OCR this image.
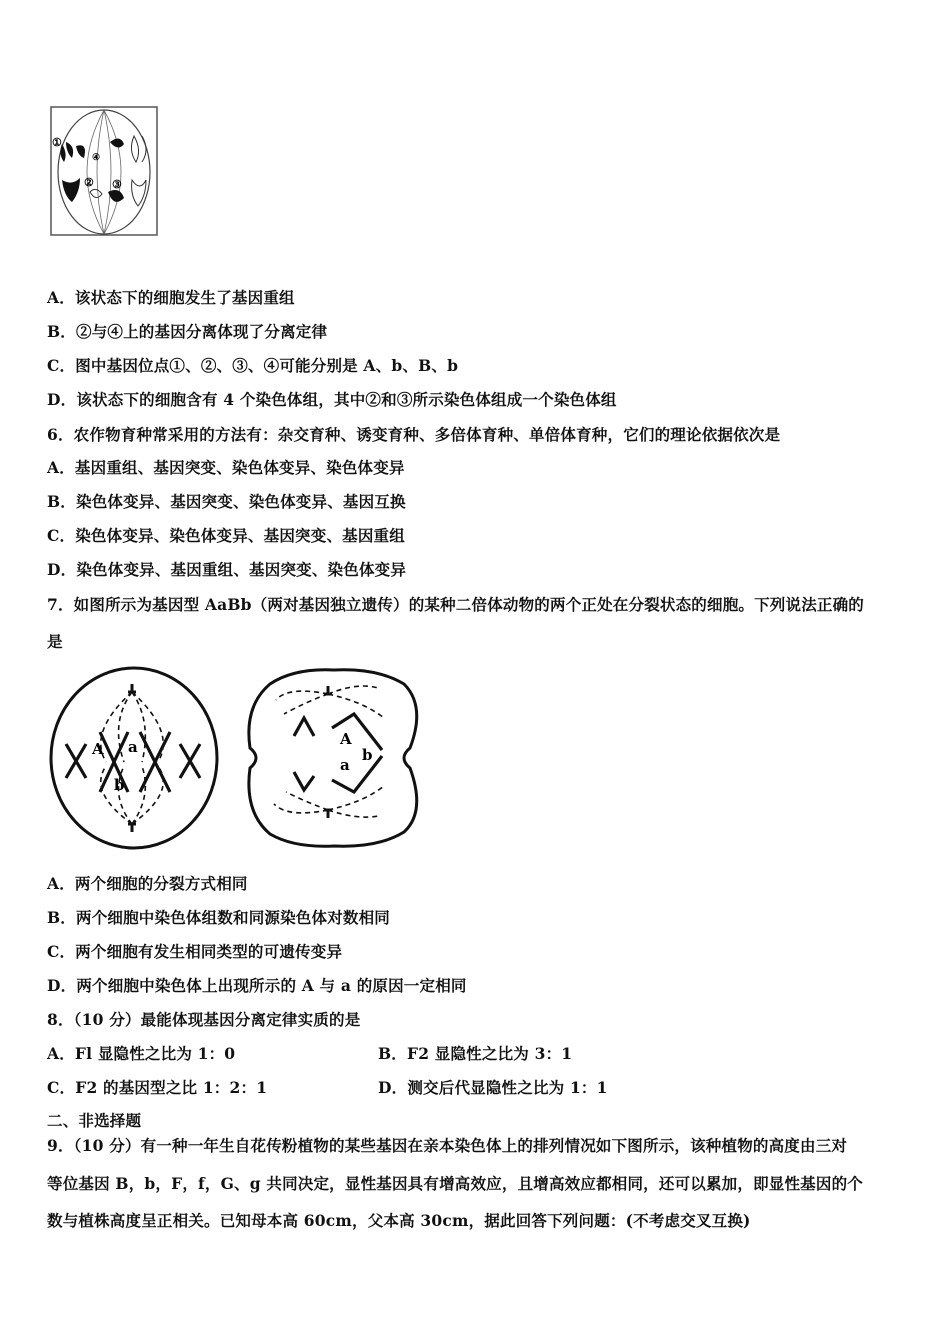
①
④
② ③
A．该状态下的细胞发生了基因重组
B．②与④上的基因分离体现了分离定律
C．图中基因位点①、②、③、④可能分别是 A、b、B、b
D．该状态下的细胞含有 4 个染色体组，其中②和③所示染色体组成一个染色体组
6．农作物育种常采用的方法有：杂交育种、诱变育种、多倍体育种、单倍体育种，它们的理论依据依次是
A．基因重组、基因突变、染色体变异、染色体变异
B．染色体变异、基因突变、染色体变异、基因互换
C．染色体变异、染色体变异、基因突变、基因重组
D．染色体变异、基因重组、基因突变、染色体变异
7．如图所示为基因型 AaBb（两对基因独立遗传）的某种二倍体动物的两个正处在分裂状态的细胞。下列说法正确的
是
A a
b
A
b
a
A．两个细胞的分裂方式相同
B．两个细胞中染色体组数和同源染色体对数相同
C．两个细胞有发生相同类型的可遗传变异
D．两个细胞中染色体上出现所示的 A 与 a 的原因一定相同
8．（10 分）最能体现基因分离定律实质的是
A．Fl 显隐性之比为 1：0	B．F2 显隐性之比为 3：1
C．F2 的基因型之比 1：2：1	D．测交后代显隐性之比为 1：1
二、非选择题
9．（10 分）有一种一年生自花传粉植物的某些基因在亲本染色体上的排列情况如下图所示，该种植物的高度由三对
等位基因 B，b，F，f，G、g 共同决定，显性基因具有增高效应，且增高效应都相同，还可以累加，即显性基因的个
数与植株高度呈正相关。已知母本高 60cm，父本高 30cm，据此回答下列问题：(不考虑交叉互换)
